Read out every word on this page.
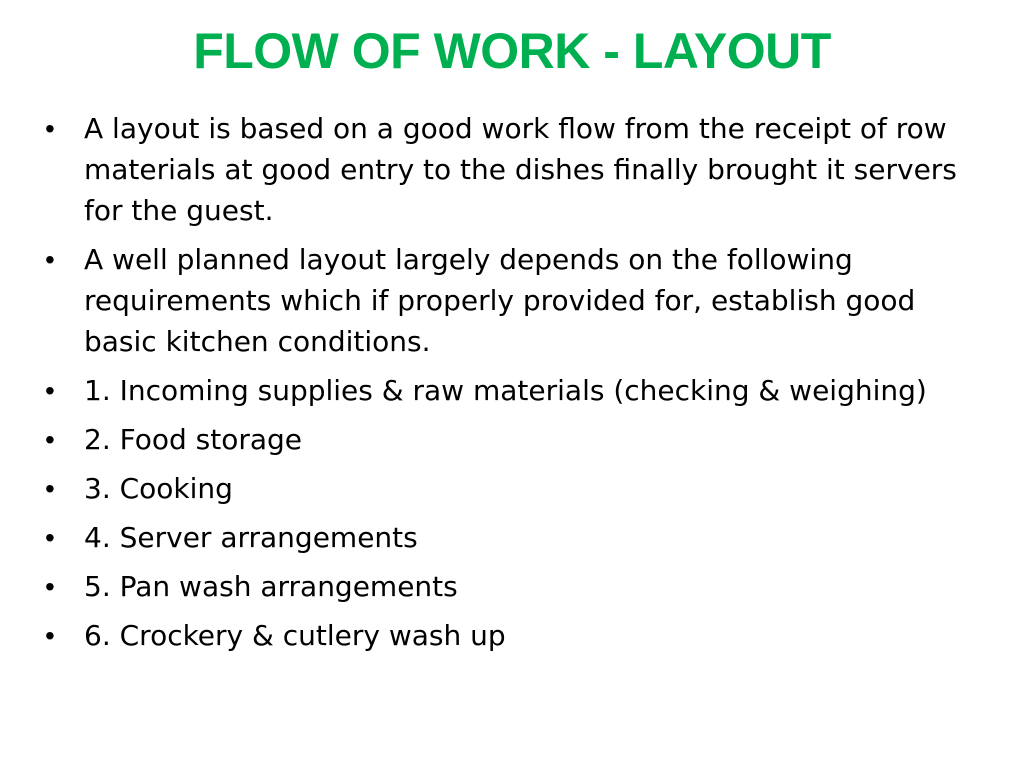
FLOW OF WORK - LAYOUT
•	A layout is based on a good work flow from the receipt of row materials at good entry to the dishes finally brought it servers for the guest.
•	A well planned layout largely depends on the following requirements which if properly provided for, establish good basic kitchen conditions.
•	1. Incoming supplies & raw materials (checking & weighing)
•	2. Food storage
•	3. Cooking
•	4. Server arrangements
•	5. Pan wash arrangements
•	6. Crockery & cutlery wash up
